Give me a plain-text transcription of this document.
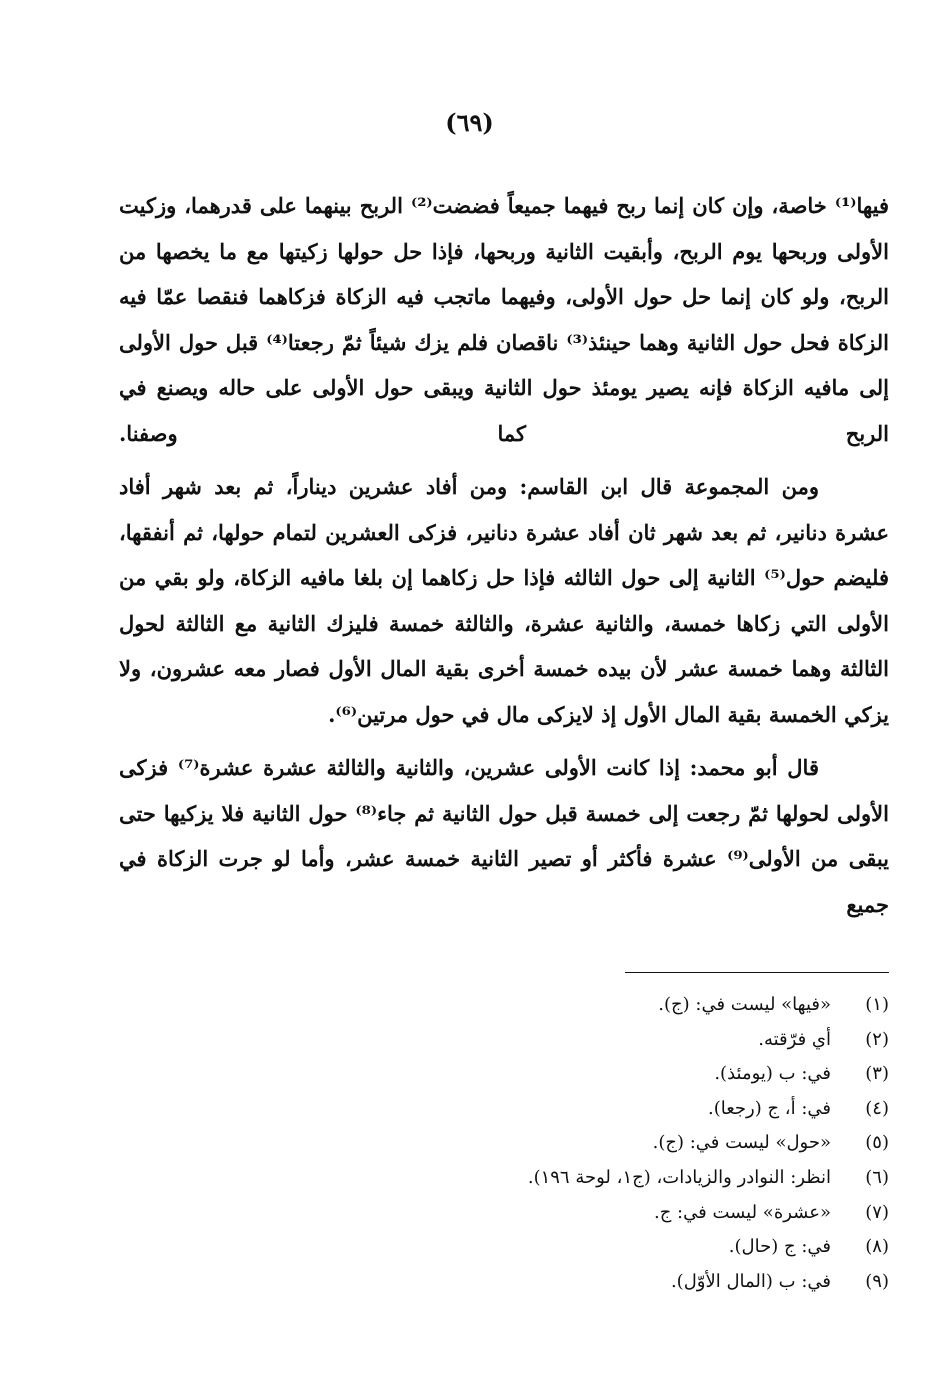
(٦٩)

فيها⁽¹⁾ خاصة، وإن كان إنما ربح فيهما جميعاً فضضت⁽²⁾ الربح بينهما على قدرهما، وزكيت الأولى وربحها يوم الربح، وأبقيت الثانية وربحها، فإذا حل حولها زكيتها مع ما يخصها من الربح، ولو كان إنما حل حول الأولى، وفيهما ماتجب فيه الزكاة فزكاهما فنقصا عمّا فيه الزكاة فحل حول الثانية وهما حينئذ⁽³⁾ ناقصان فلم يزك شيئاً ثمّ رجعتا⁽⁴⁾ قبل حول الأولى إلى مافيه الزكاة فإنه يصير يومئذ حول الثانية ويبقى حول الأولى على حاله ويصنع في الربح كما وصفنا.

ومن المجموعة قال ابن القاسم: ومن أفاد عشرين ديناراً، ثم بعد شهر أفاد عشرة دنانير، ثم بعد شهر ثان أفاد عشرة دنانير، فزكى العشرين لتمام حولها، ثم أنفقها، فليضم حول⁽⁵⁾ الثانية إلى حول الثالثه فإذا حل زكاهما إن بلغا مافيه الزكاة، ولو بقي من الأولى التي زكاها خمسة، والثانية عشرة، والثالثة خمسة فليزك الثانية مع الثالثة لحول الثالثة وهما خمسة عشر لأن بيده خمسة أخرى بقية المال الأول فصار معه عشرون، ولا يزكي الخمسة بقية المال الأول إذ لايزكى مال في حول مرتين⁽⁶⁾.

قال أبو محمد: إذا كانت الأولى عشرين، والثانية والثالثة عشرة عشرة⁽⁷⁾ فزكى الأولى لحولها ثمّ رجعت إلى خمسة قبل حول الثانية ثم جاء⁽⁸⁾ حول الثانية فلا يزكيها حتى يبقى من الأولى⁽⁹⁾ عشرة فأكثر أو تصير الثانية خمسة عشر، وأما لو جرت الزكاة في جميع

(١)
«فيها» ليست في: (ج).
(٢)
أي فرّقته.
(٣)
في: ب (يومئذ).
(٤)
في: أ، ج (رجعا).
(٥)
«حول» ليست في: (ج).
(٦)
انظر: النوادر والزيادات، (ج١، لوحة ١٩٦).
(٧)
«عشرة» ليست في: ج.
(٨)
في: ج (حال).
(٩)
في: ب (المال الأوّل).
